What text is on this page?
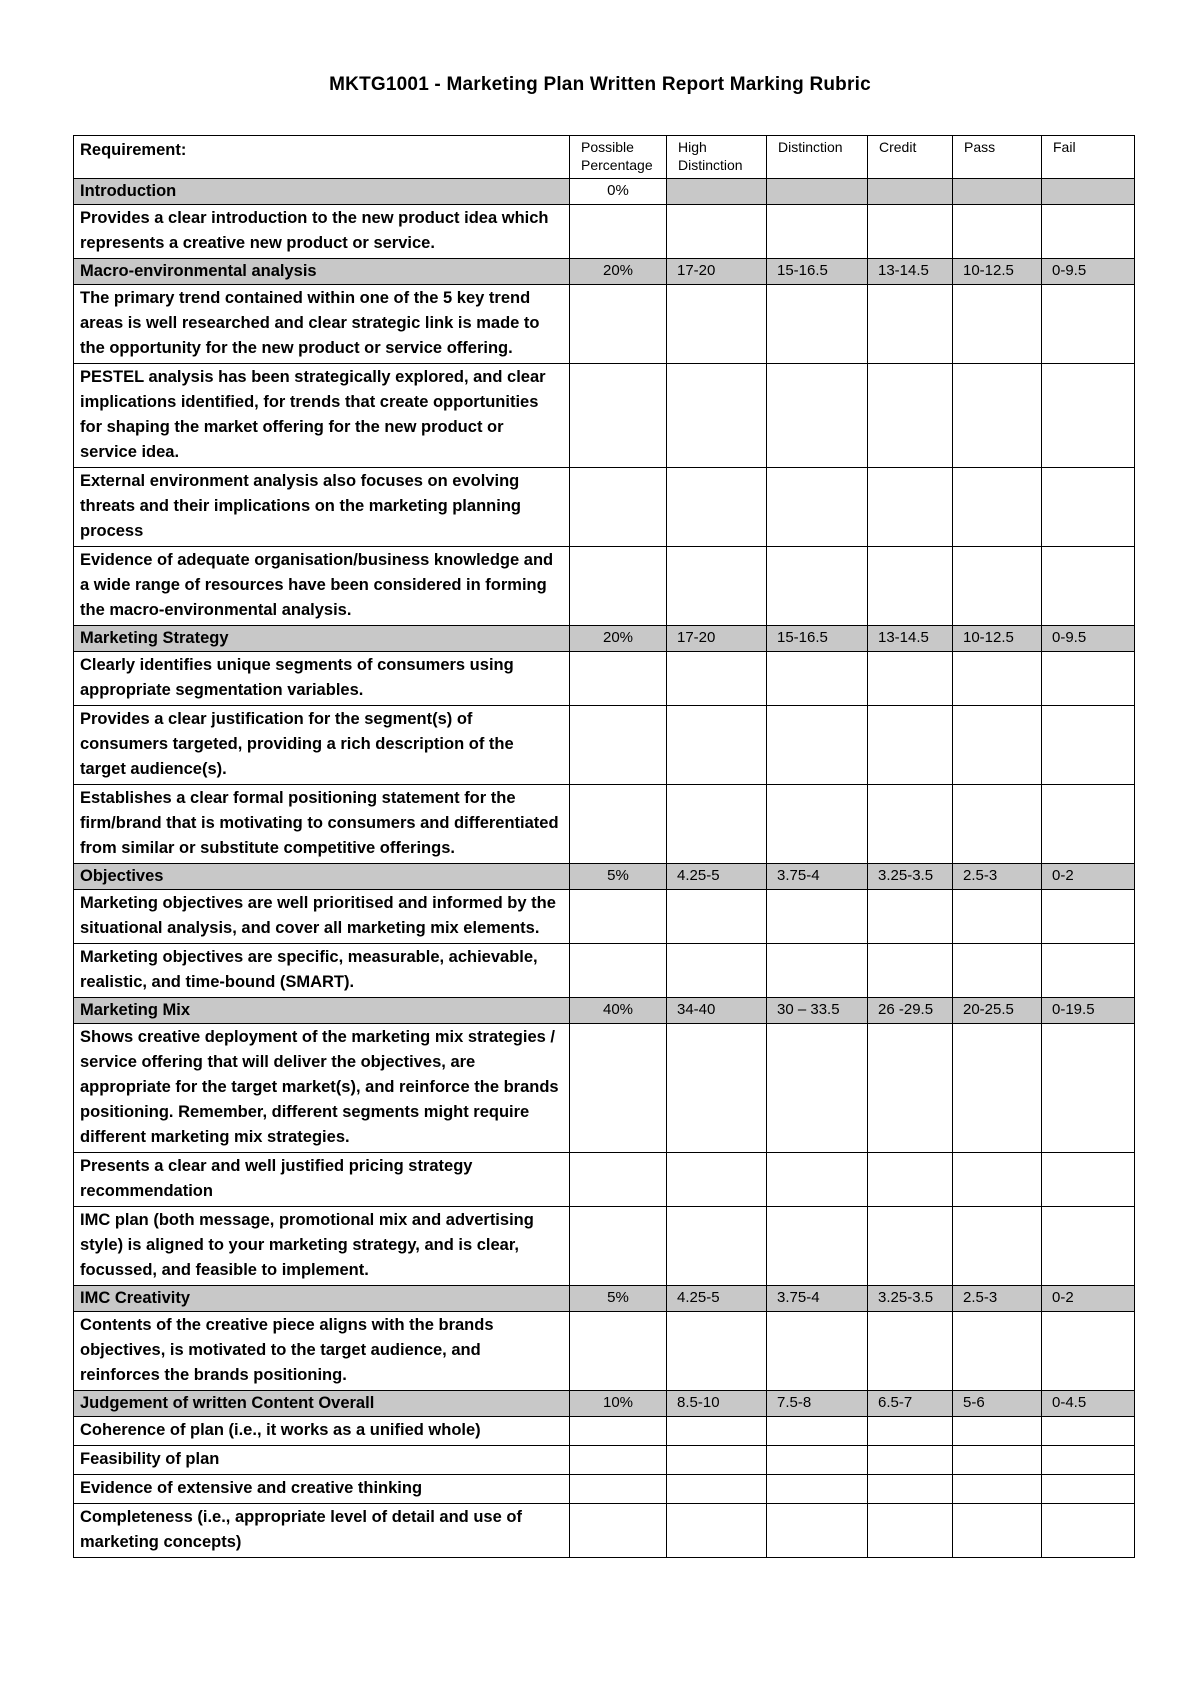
MKTG1001 - Marketing Plan Written Report Marking Rubric
Requirement:	Possible Percentage	High Distinction	Distinction	Credit	Pass	Fail
Introduction	0%					
Provides a clear introduction to the new product idea which represents a creative new product or service.						
Macro-environmental analysis	20%	17-20	15-16.5	13-14.5	10-12.5	0-9.5
The primary trend contained within one of the 5 key trend areas is well researched and clear strategic link is made to the opportunity for the new product or service offering.						
PESTEL analysis has been strategically explored, and clear implications identified, for trends that create opportunities for shaping the market offering for the new product or service idea.						
External environment analysis also focuses on evolving threats and their implications on the marketing planning process						
Evidence of adequate organisation/business knowledge and a wide range of resources have been considered in forming the macro-environmental analysis.						
Marketing Strategy	20%	17-20	15-16.5	13-14.5	10-12.5	0-9.5
Clearly identifies unique segments of consumers using appropriate segmentation variables.						
Provides a clear justification for the segment(s) of consumers targeted, providing a rich description of the target audience(s).						
Establishes a clear formal positioning statement for the firm/brand that is motivating to consumers and differentiated from similar or substitute competitive offerings.						
Objectives	5%	4.25-5	3.75-4	3.25-3.5	2.5-3	0-2
Marketing objectives are well prioritised and informed by the situational analysis, and cover all marketing mix elements.						
Marketing objectives are specific, measurable, achievable, realistic, and time-bound (SMART).						
Marketing Mix	40%	34-40	30 – 33.5	26 -29.5	20-25.5	0-19.5
Shows creative deployment of the marketing mix strategies / service offering that will deliver the objectives, are appropriate for the target market(s), and reinforce the brands positioning. Remember, different segments might require different marketing mix strategies.						
Presents a clear and well justified pricing strategy recommendation						
IMC plan (both message, promotional mix and advertising style) is aligned to your marketing strategy, and is clear, focussed, and feasible to implement.						
IMC Creativity	5%	4.25-5	3.75-4	3.25-3.5	2.5-3	0-2
Contents of the creative piece aligns with the brands objectives, is motivated to the target audience, and reinforces the brands positioning.						
Judgement of written Content Overall	10%	8.5-10	7.5-8	6.5-7	5-6	0-4.5
Coherence of plan (i.e., it works as a unified whole)						
Feasibility of plan						
Evidence of extensive and creative thinking						
Completeness (i.e., appropriate level of detail and use of marketing concepts)						
